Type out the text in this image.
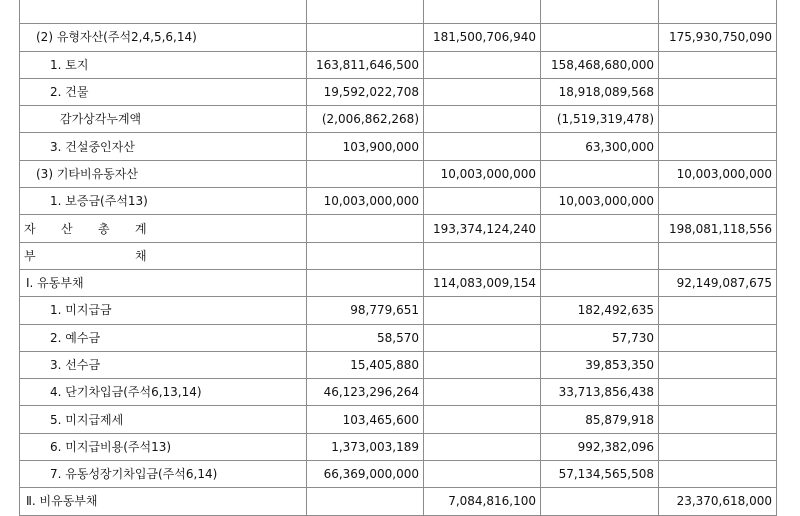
(2) 유형자산(주석2,4,5,6,14)		181,500,706,940		175,930,750,090
1. 토지	163,811,646,500		158,468,680,000	
2. 건물	19,592,022,708		18,918,089,568	
감가상각누계액	(2,006,862,268)		(1,519,319,478)	
3. 건설중인자산	103,900,000		63,300,000	
(3) 기타비유동자산		10,003,000,000		10,003,000,000
1. 보증금(주석13)	10,003,000,000		10,003,000,000	
자 산 총 계		193,374,124,240		198,081,118,556
부 채				
Ⅰ. 유동부채		114,083,009,154		92,149,087,675
1. 미지급금	98,779,651		182,492,635	
2. 예수금	58,570		57,730	
3. 선수금	15,405,880		39,853,350	
4. 단기차입금(주석6,13,14)	46,123,296,264		33,713,856,438	
5. 미지급제세	103,465,600		85,879,918	
6. 미지급비용(주석13)	1,373,003,189		992,382,096	
7. 유동성장기차입금(주석6,14)	66,369,000,000		57,134,565,508	
Ⅱ. 비유동부채		7,084,816,100		23,370,618,000
